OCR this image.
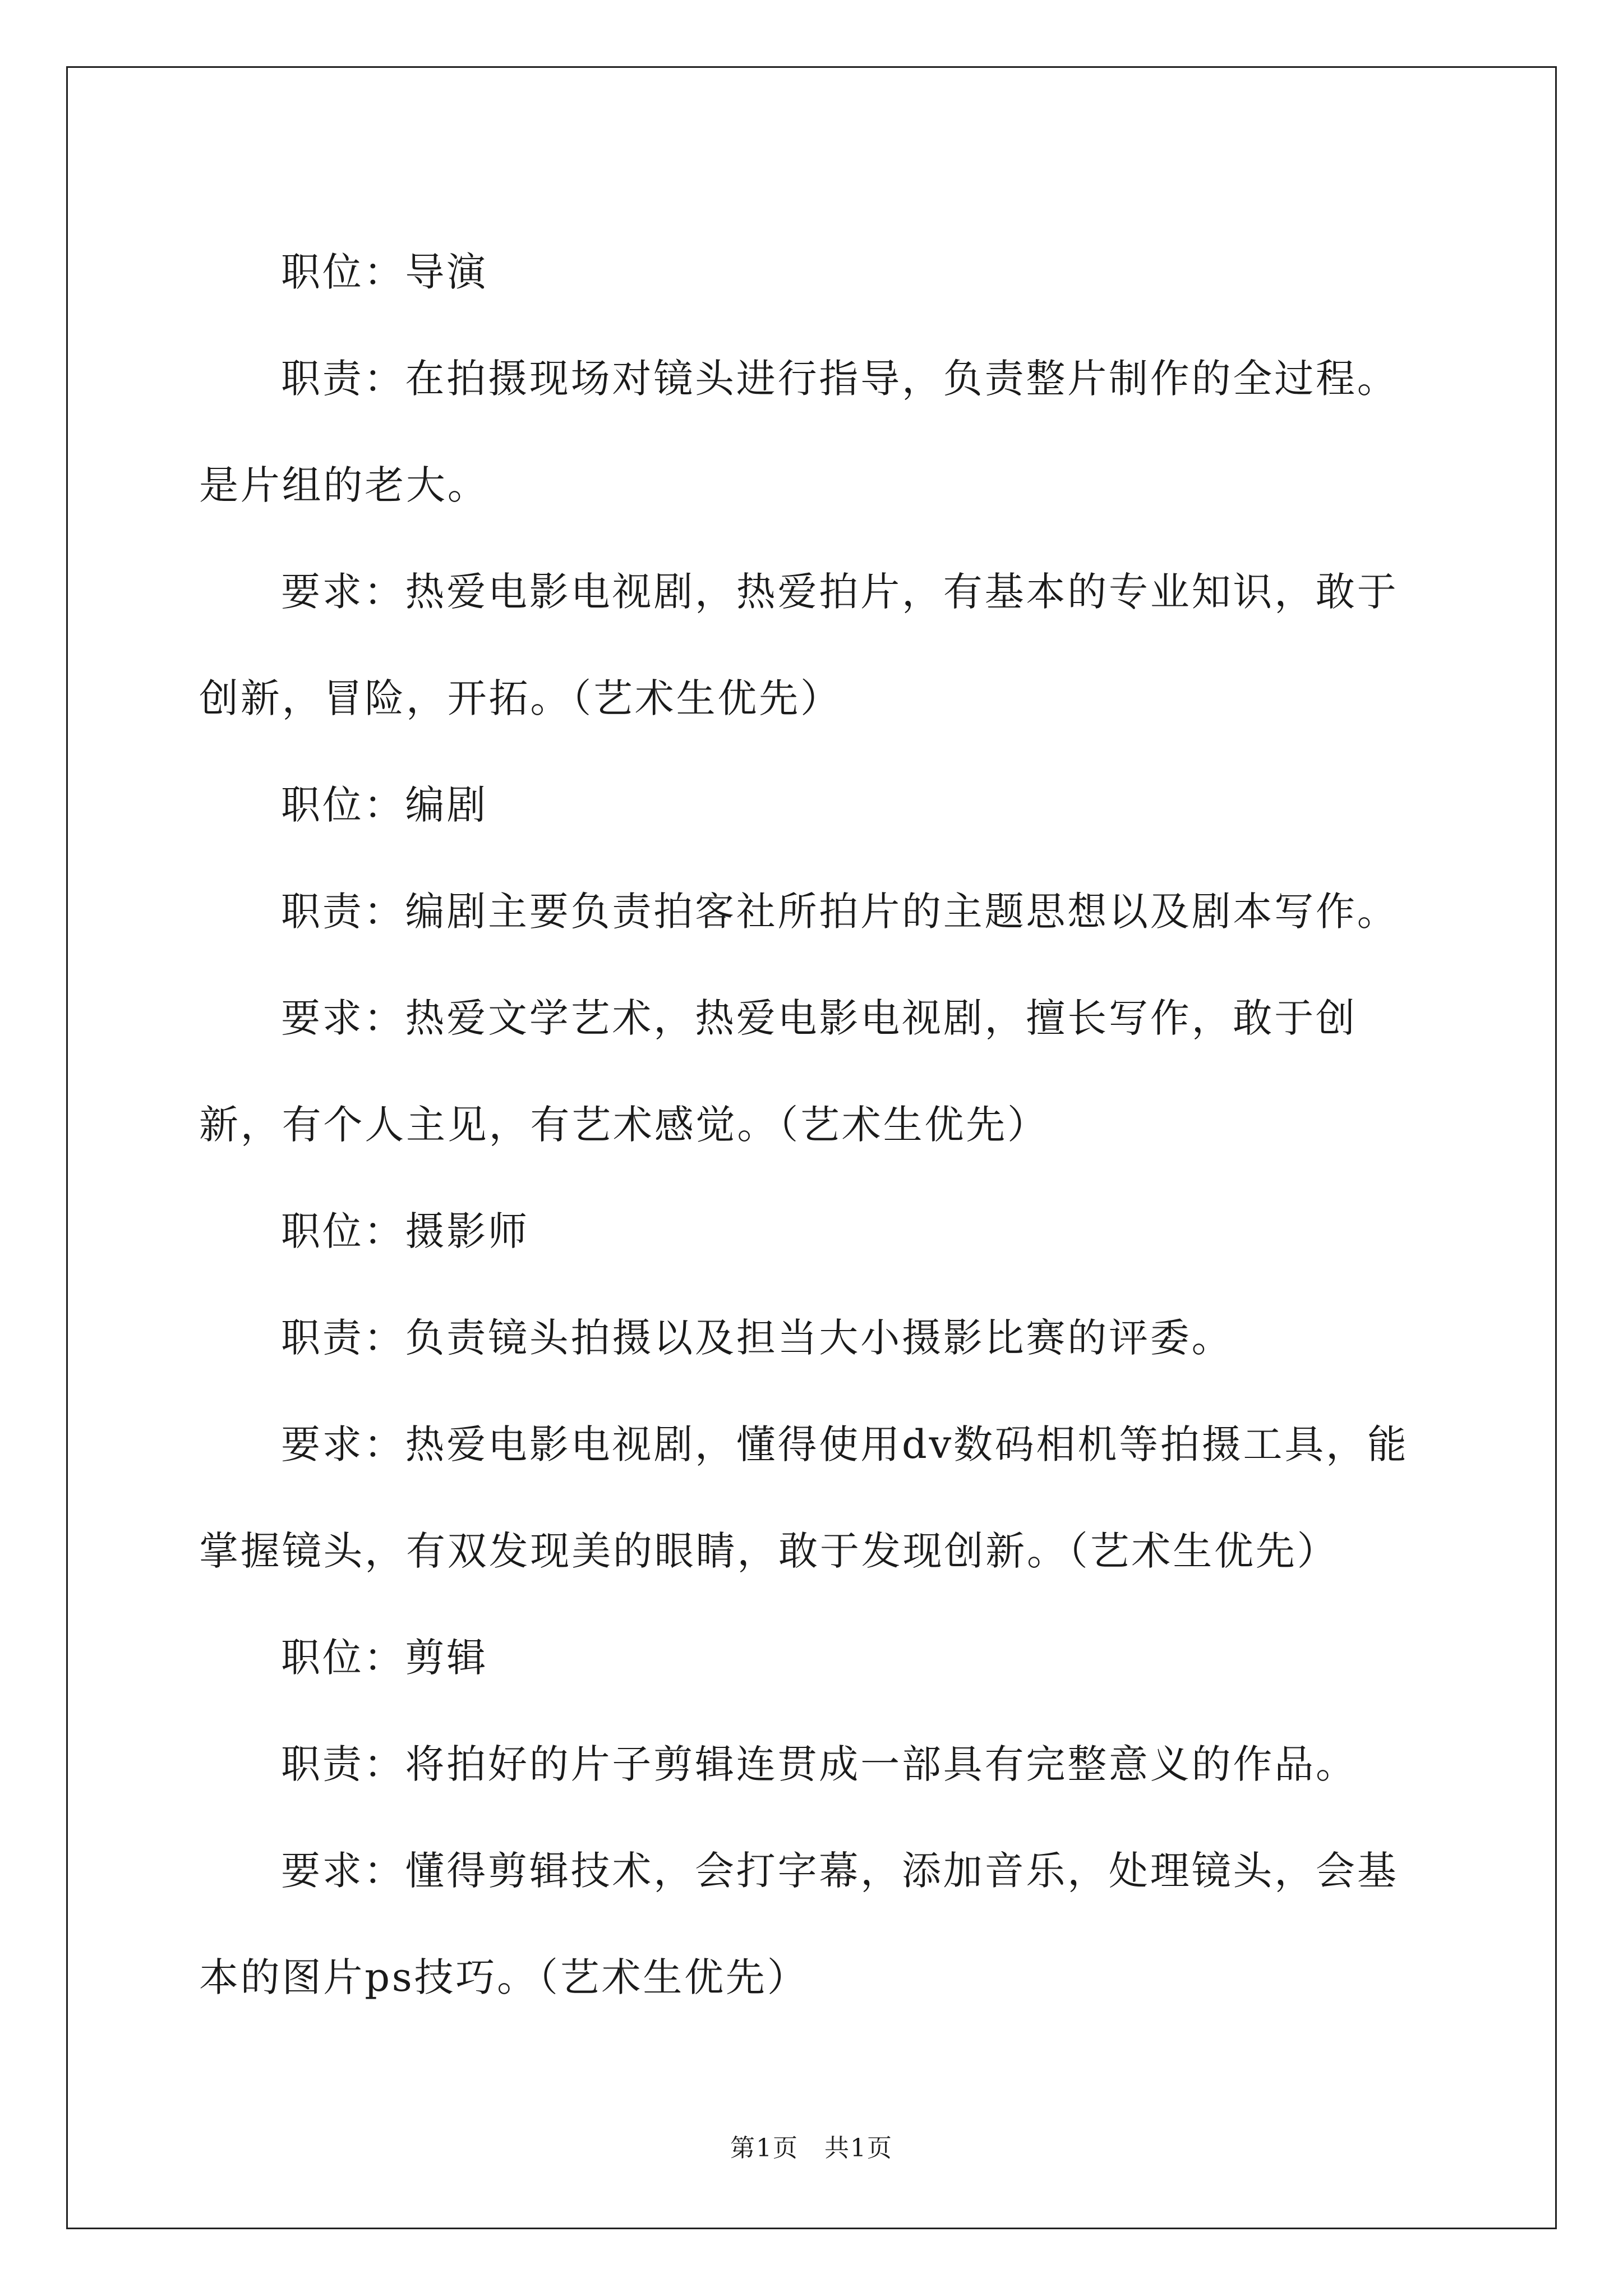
职位：导演

职责：在拍摄现场对镜头进行指导，负责整片制作的全过程。是片组的老大。

要求：热爱电影电视剧，热爱拍片，有基本的专业知识，敢于创新，冒险，开拓。（艺术生优先）

职位：编剧

职责：编剧主要负责拍客社所拍片的主题思想以及剧本写作。

要求：热爱文学艺术，热爱电影电视剧，擅长写作，敢于创新，有个人主见，有艺术感觉。（艺术生优先）

职位：摄影师

职责：负责镜头拍摄以及担当大小摄影比赛的评委。

要求：热爱电影电视剧，懂得使用dv数码相机等拍摄工具，能掌握镜头，有双发现美的眼睛，敢于发现创新。（艺术生优先）

职位：剪辑

职责：将拍好的片子剪辑连贯成一部具有完整意义的作品。

要求：懂得剪辑技术，会打字幕，添加音乐，处理镜头，会基本的图片ps技巧。（艺术生优先）

第1页　共1页
